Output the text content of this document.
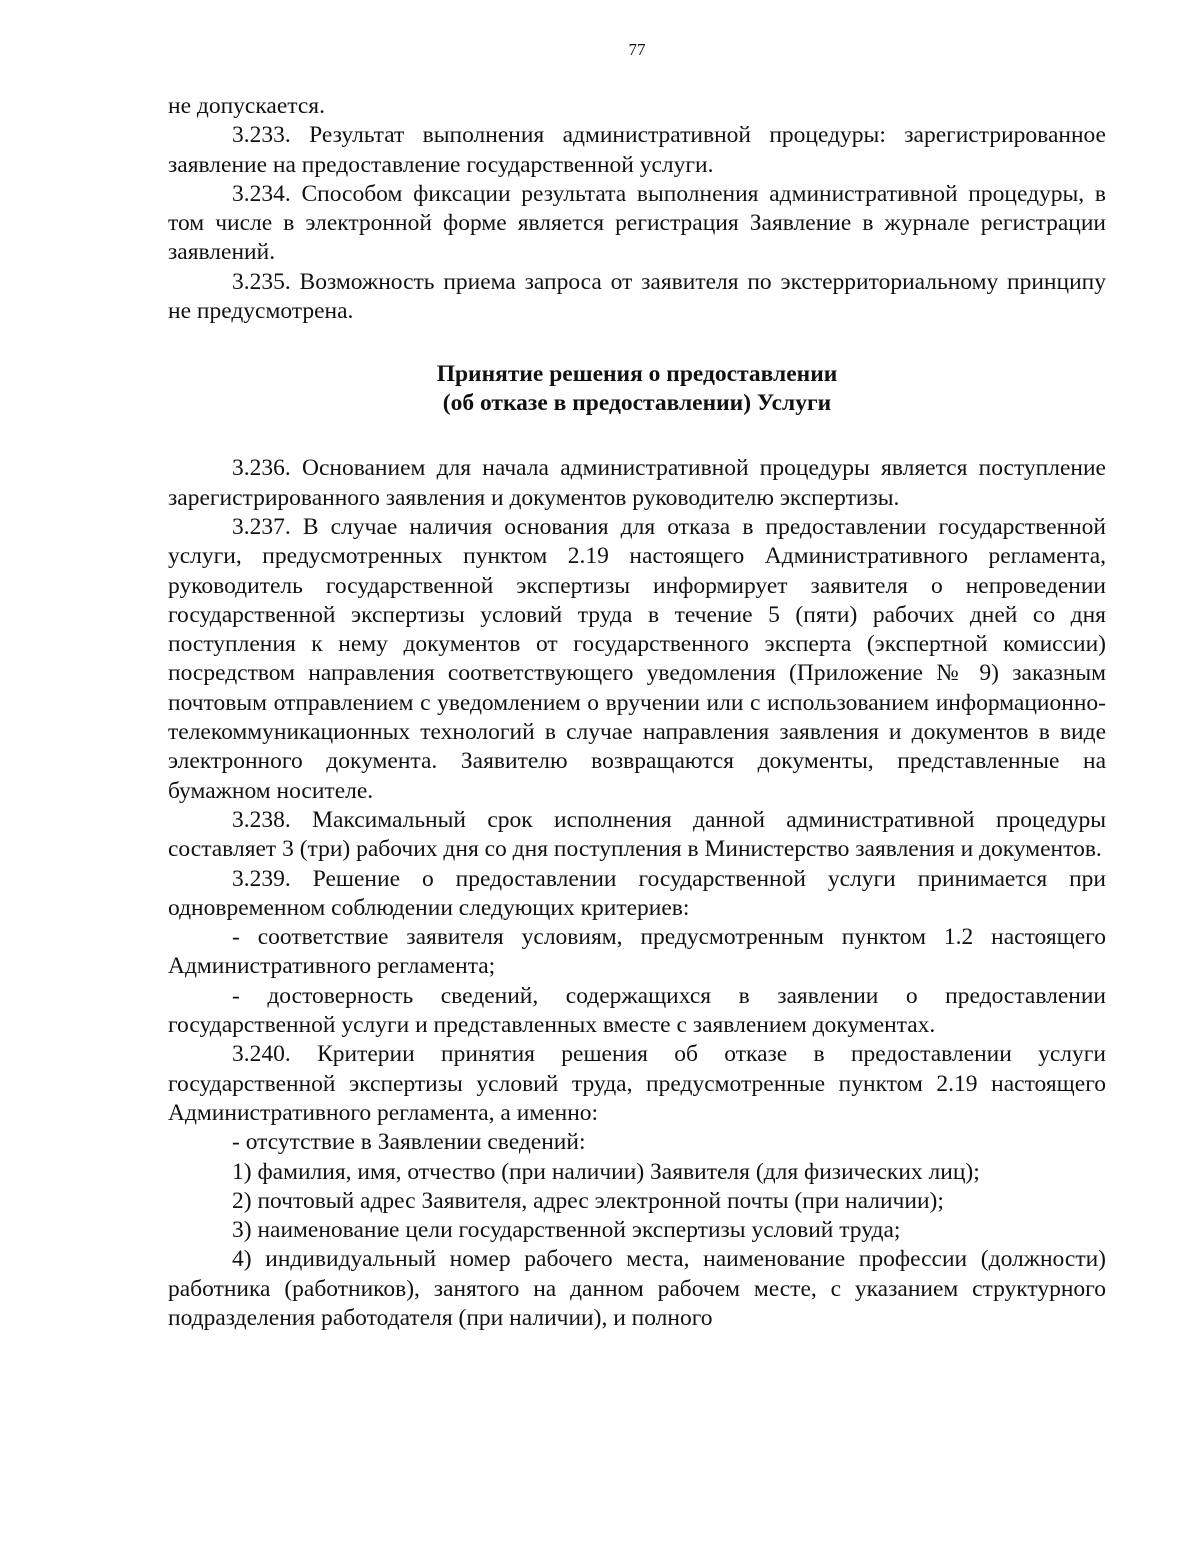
77

не допускается.

3.233. Результат выполнения административной процедуры: зарегистрированное заявление на предоставление государственной услуги.

3.234. Способом фиксации результата выполнения административной процедуры, в том числе в электронной форме является регистрация Заявление в журнале регистрации заявлений.

3.235. Возможность приема запроса от заявителя по экстерриториальному принципу не предусмотрена.

Принятие решения о предоставлении
(об отказе в предоставлении) Услуги

3.236. Основанием для начала административной процедуры является поступление зарегистрированного заявления и документов руководителю экспертизы.

3.237. В случае наличия основания для отказа в предоставлении государственной услуги, предусмотренных пунктом 2.19 настоящего Административного регламента, руководитель государственной экспертизы информирует заявителя о непроведении государственной экспертизы условий труда в течение 5 (пяти) рабочих дней со дня поступления к нему документов от государственного эксперта (экспертной комиссии) посредством направления соответствующего уведомления (Приложение № 9) заказным почтовым отправлением с уведомлением о вручении или с использованием информационно-телекоммуникационных технологий в случае направления заявления и документов в виде электронного документа. Заявителю возвращаются документы, представленные на бумажном носителе.

3.238. Максимальный срок исполнения данной административной процедуры составляет 3 (три) рабочих дня со дня поступления в Министерство заявления и документов.

3.239. Решение о предоставлении государственной услуги принимается при одновременном соблюдении следующих критериев:

- соответствие заявителя условиям, предусмотренным пунктом 1.2 настоящего Административного регламента;

- достоверность сведений, содержащихся в заявлении о предоставлении государственной услуги и представленных вместе с заявлением документах.

3.240. Критерии принятия решения об отказе в предоставлении услуги государственной экспертизы условий труда, предусмотренные пунктом 2.19 настоящего Административного регламента, а именно:

- отсутствие в Заявлении сведений:

1) фамилия, имя, отчество (при наличии) Заявителя (для физических лиц);

2) почтовый адрес Заявителя, адрес электронной почты (при наличии);

3) наименование цели государственной экспертизы условий труда;

4) индивидуальный номер рабочего места, наименование профессии (должности) работника (работников), занятого на данном рабочем месте, с указанием структурного подразделения работодателя (при наличии), и полного
